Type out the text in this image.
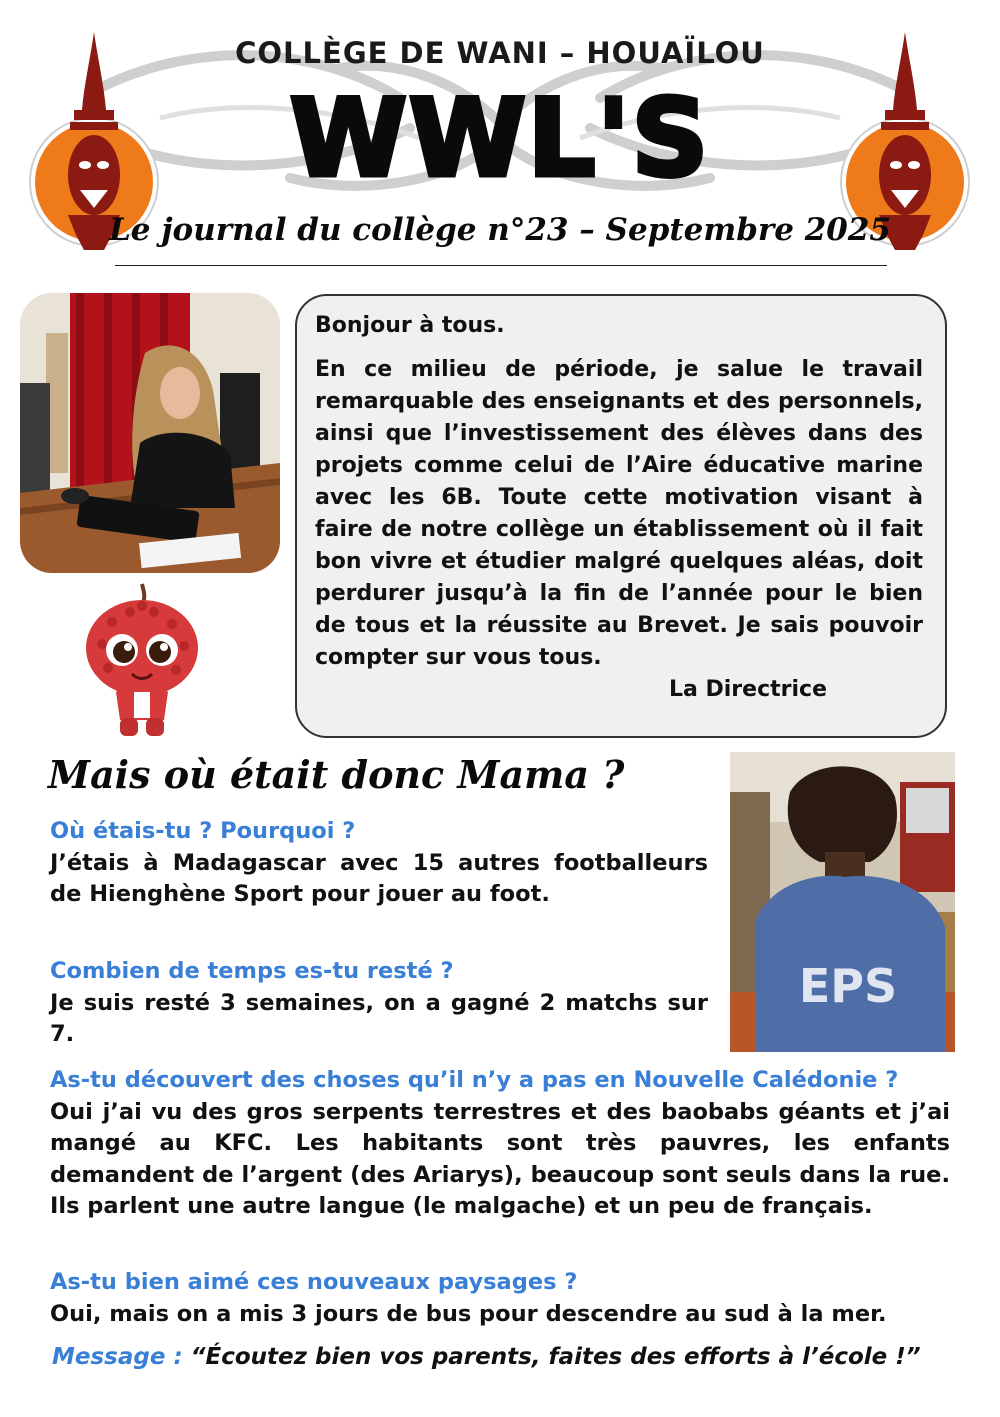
COLLÈGE DE WANI – HOUAÏLOU
WWL'S
Le journal du collège n°23 – Septembre 2025

Bonjour à tous.

En ce milieu de période, je salue le travail remarquable des enseignants et des personnels, ainsi que l’investissement des élèves dans des projets comme celui de l’Aire éducative marine avec les 6B. Toute cette motivation visant à faire de notre collège un établissement où il fait bon vivre et étudier malgré quelques aléas, doit perdurer jusqu’à la fin de l’année pour le bien de tous et la réussite au Brevet. Je sais pouvoir compter sur vous tous.

La Directrice

Mais où était donc Mama ?
EPS

Où étais-tu ? Pourquoi ?

J’étais à Madagascar avec 15 autres footballeurs de Hienghène Sport pour jouer au foot.

Combien de temps es-tu resté ?

Je suis resté 3 semaines, on a gagné 2 matchs sur 7.

As-tu découvert des choses qu’il n’y a pas en Nouvelle Calédonie ?

Oui j’ai vu des gros serpents terrestres et des baobabs géants et j’ai mangé au KFC. Les habitants sont très pauvres, les enfants demandent de l’argent (des Ariarys), beaucoup sont seuls dans la rue. Ils parlent une autre langue (le malgache) et un peu de français.

As-tu bien aimé ces nouveaux paysages ?

Oui, mais on a mis 3 jours de bus pour descendre au sud à la mer.

Message : “Écoutez bien vos parents, faites des efforts à l’école !”
